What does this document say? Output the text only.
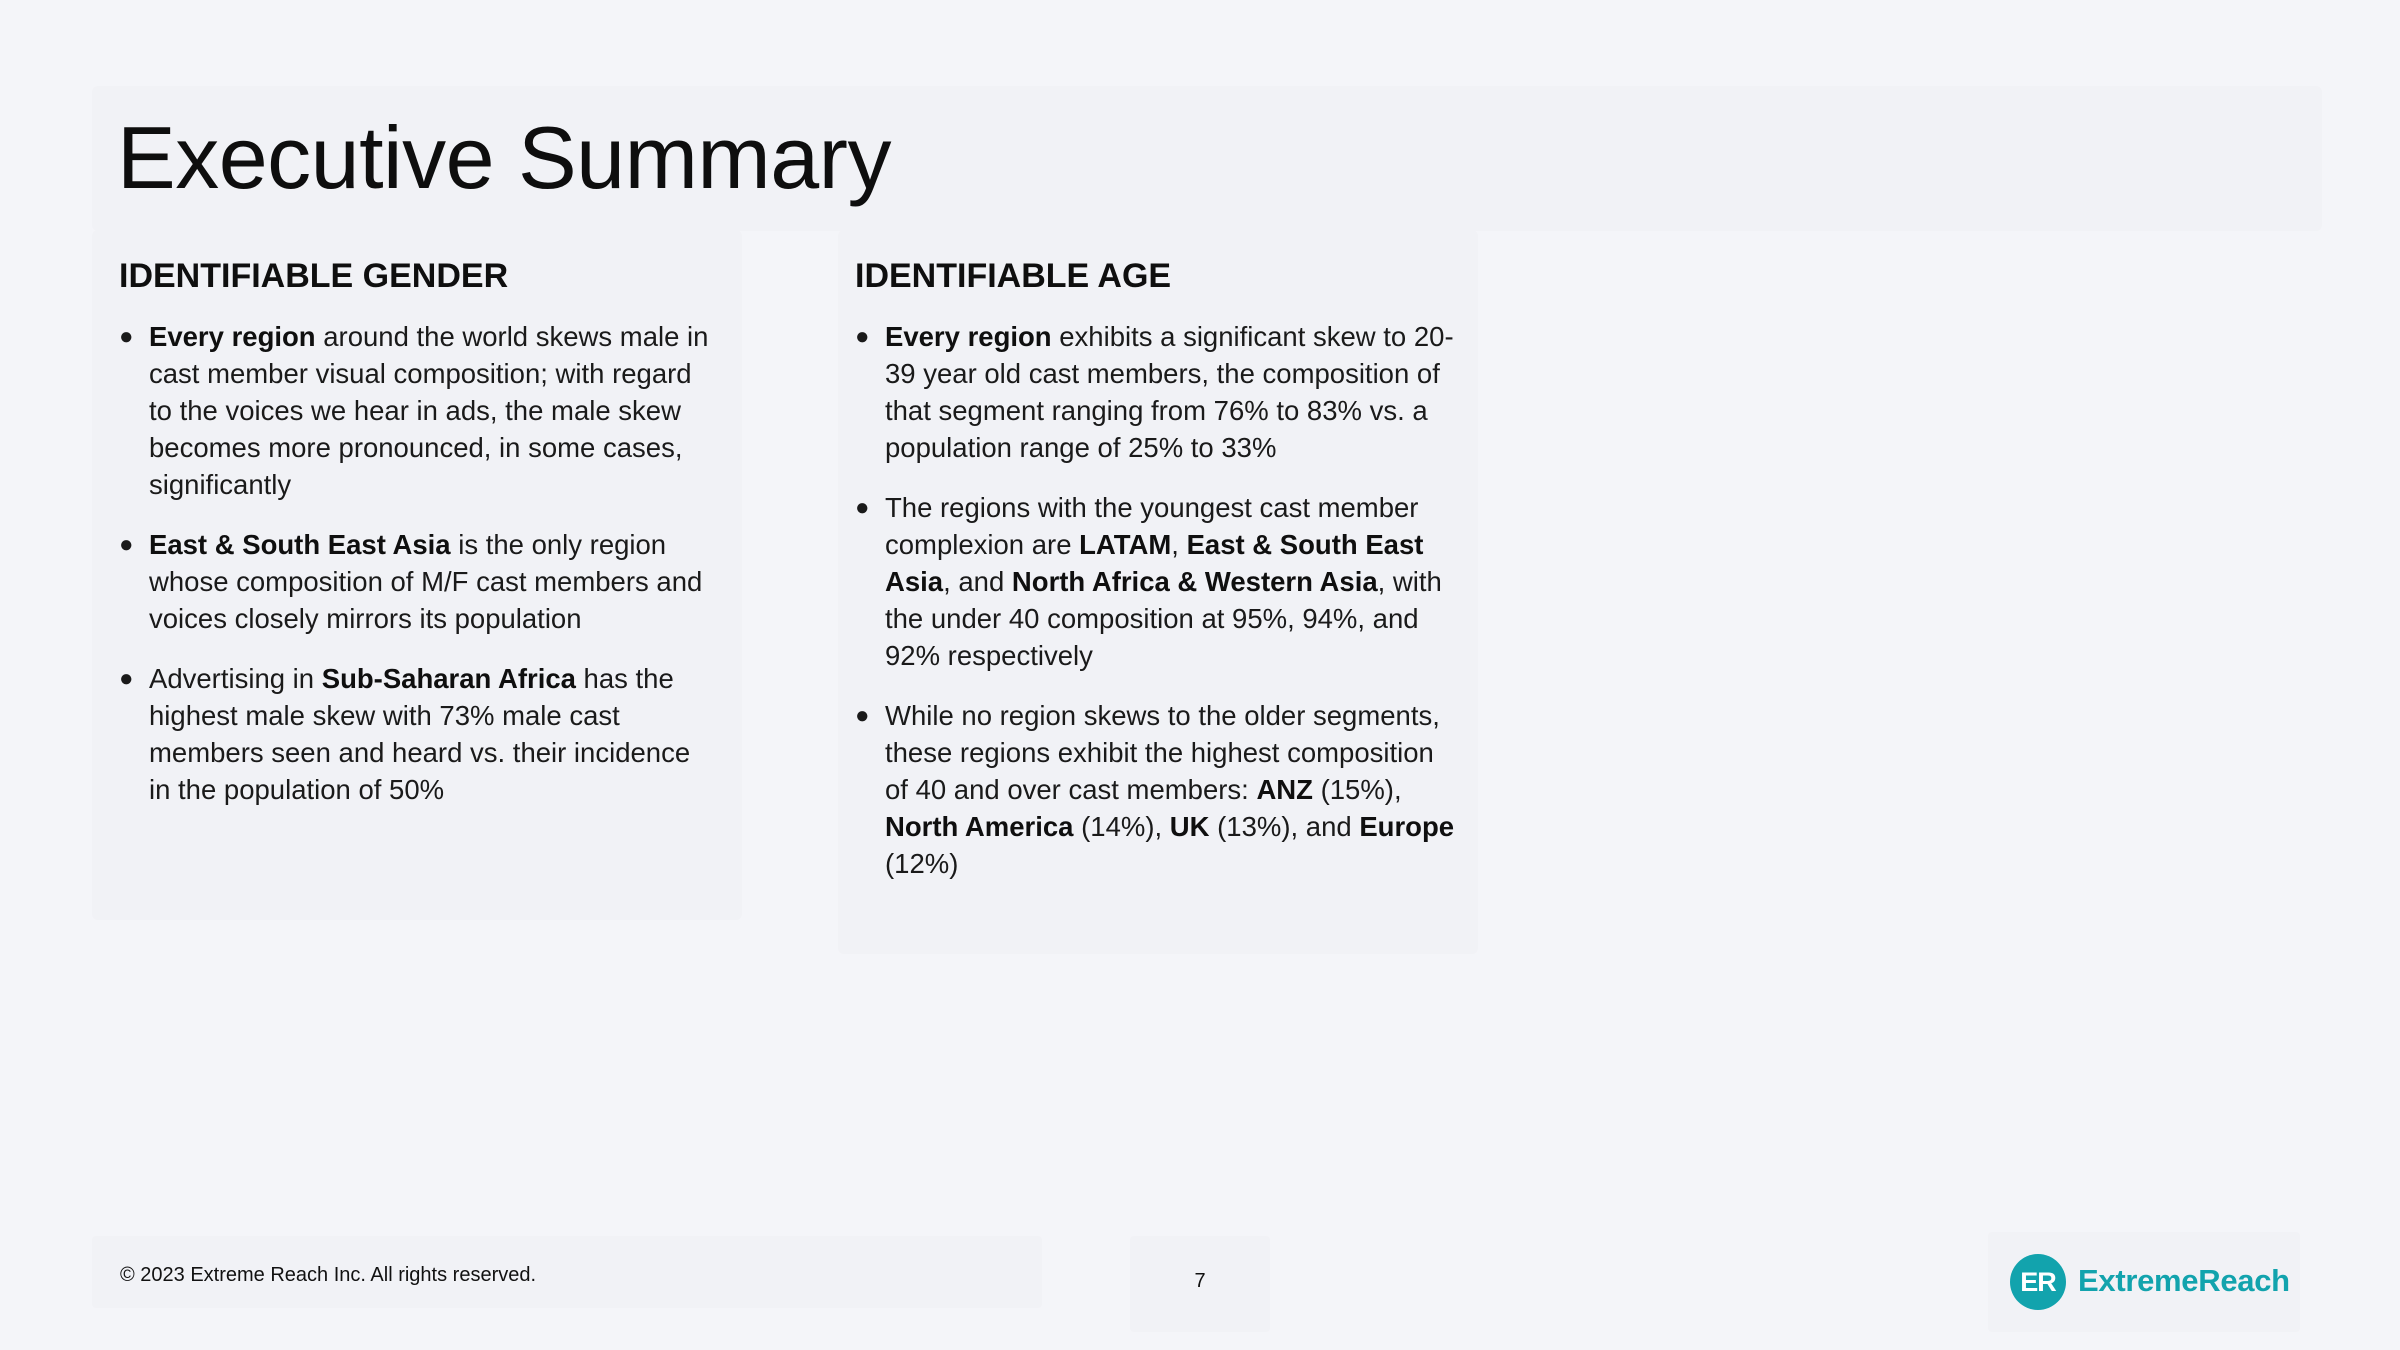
Executive Summary
IDENTIFIABLE GENDER
● Every region around the world skews male in cast member visual composition; with regard to the voices we hear in ads, the male skew becomes more pronounced, in some cases, significantly
● East & South East Asia is the only region whose composition of M/F cast members and voices closely mirrors its population
● Advertising in Sub-Saharan Africa has the highest male skew with 73% male cast members seen and heard vs. their incidence in the population of 50%
IDENTIFIABLE AGE
● Every region exhibits a significant skew to 20-39 year old cast members, the composition of that segment ranging from 76% to 83% vs. a population range of 25% to 33%
● The regions with the youngest cast member complexion are LATAM, East & South East Asia, and North Africa & Western Asia, with the under 40 composition at 95%, 94%, and 92% respectively
● While no region skews to the older segments, these regions exhibit the highest composition of 40 and over cast members: ANZ (15%), North America (14%), UK (13%), and Europe (12%)
© 2023 Extreme Reach Inc. All rights reserved.	7	ER ExtremeReach
